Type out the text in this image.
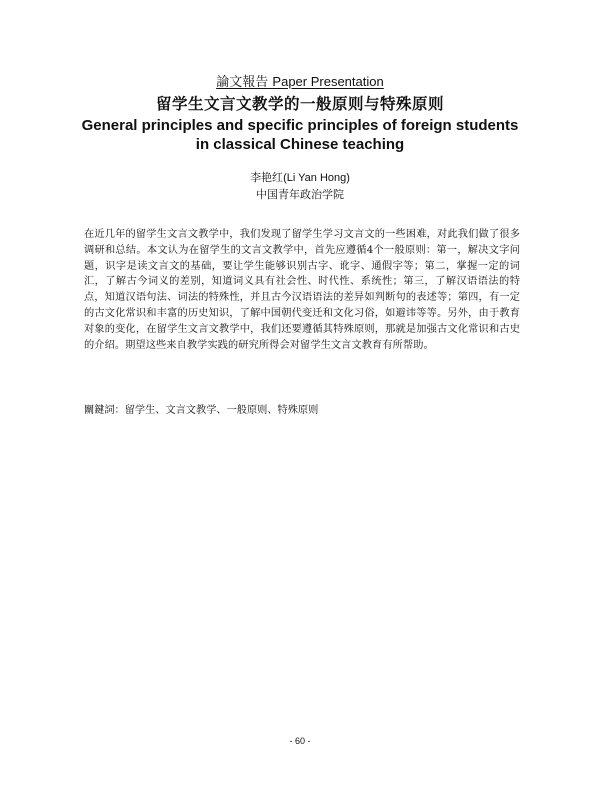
論文報告 Paper Presentation
留学生文言文教学的一般原则与特殊原则
General principles and specific principles of foreign students in classical Chinese teaching
李艳红(Li Yan Hong)
中国青年政治学院

在近几年的留学生文言文教学中，我们发现了留学生学习文言文的一些困难，对此我们做了很多调研和总结。本文认为在留学生的文言文教学中，首先应遵循4个一般原则：第一，解决文字问题，识字是读文言文的基础，要让学生能够识别古字、讹字、通假字等；第二，掌握一定的词汇，了解古今词义的差别，知道词义具有社会性、时代性、系统性；第三，了解汉语语法的特点，知道汉语句法、词法的特殊性，并且古今汉语语法的差异如判断句的表述等；第四，有一定的古文化常识和丰富的历史知识，了解中国朝代变迁和文化习俗，如避讳等等。另外，由于教育对象的变化，在留学生文言文教学中，我们还要遵循其特殊原则，那就是加强古文化常识和古史的介绍。期望这些来自教学实践的研究所得会对留学生文言文教育有所帮助。

關鍵詞：留学生、文言文教学、一般原则、特殊原则

- 60 -
